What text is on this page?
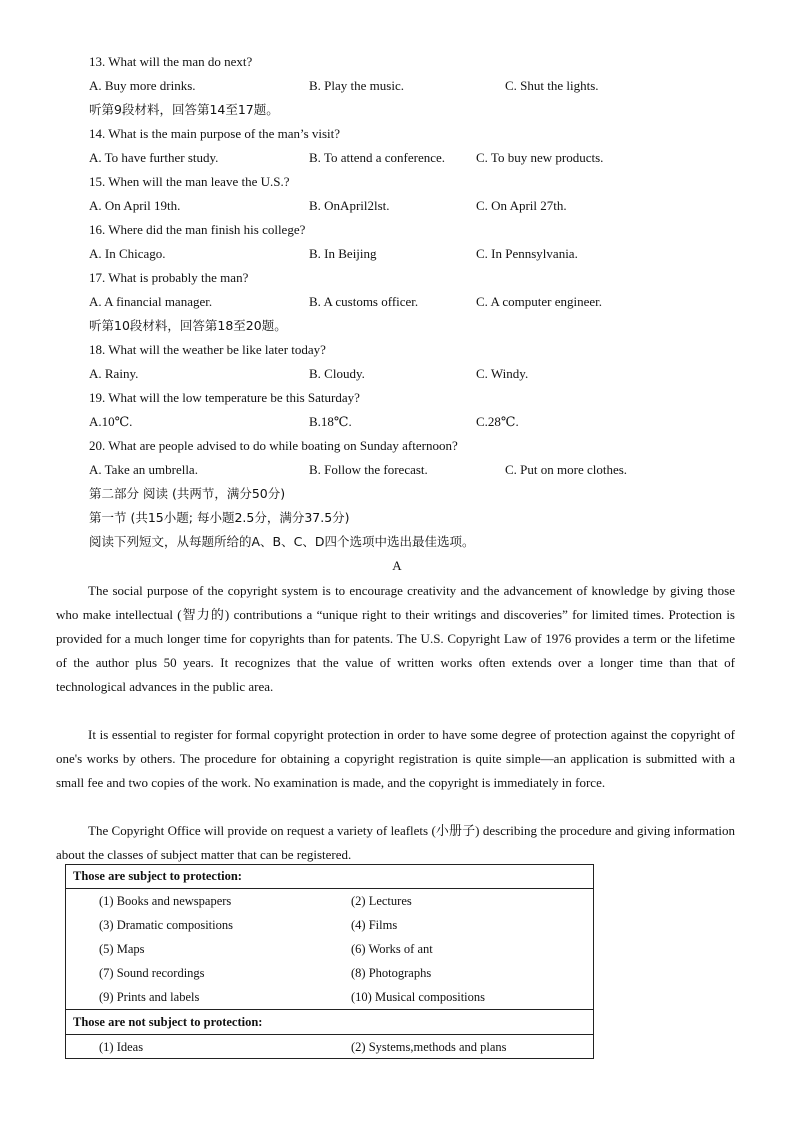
13. What will the man do next?
A. Buy more drinks.	B. Play the music.	C. Shut the lights.
听第9段材料，回答第14至17题。
14. What is the main purpose of the man’s visit?
A. To have further study.	B. To attend a conference. C. To buy new products.
15. When will the man leave the U.S.?
A. On April 19th.	B. OnApril2lst.	C. On April 27th.
16. Where did the man finish his college?
A. In Chicago.	B. In Beijing	C. In Pennsylvania.
17. What is probably the man?
A. A financial manager.	B. A customs officer.	C. A computer engineer.
听第10段材料，回答第18至20题。
18. What will the weather be like later today?
A. Rainy.	B. Cloudy.	C. Windy.
19. What will the low temperature be this Saturday?
A.10℃.	B.18℃.	C.28℃.
20. What are people advised to do while boating on Sunday afternoon?
A. Take an umbrella.	B. Follow the forecast.	C. Put on more clothes.
第二部分 阅读 (共两节，满分50分)
第一节 (共15小题; 每小题2.5分，满分37.5分)
阅读下列短文，从每题所给的A、B、C、D四个选项中选出最佳选项。
A

The social purpose of the copyright system is to encourage creativity and the advancement of knowledge by giving those who make intellectual (智力的) contributions a “unique right to their writings and discoveries” for limited times. Protection is provided for a much longer time for copyrights than for patents. The U.S. Copyright Law of 1976 provides a term or the lifetime of the author plus 50 years. It recognizes that the value of written works often extends over a longer time than that of technological advances in the public area.

It is essential to register for formal copyright protection in order to have some degree of protection against the copyright of one's works by others. The procedure for obtaining a copyright registration is quite simple—an application is submitted with a small fee and two copies of the work. No examination is made, and the copyright is immediately in force.

The Copyright Office will provide on request a variety of leaflets (小册子) describing the procedure and giving information about the classes of subject matter that can be registered.

Those are subject to protection:	
(1) Books and newspapers	(2) Lectures
(3) Dramatic compositions	(4) Films
(5) Maps	(6) Works of ant
(7) Sound recordings	(8) Photographs
(9) Prints and labels	(10) Musical compositions
Those are not subject to protection:	
(1) Ideas	(2) Systems,methods and plans
